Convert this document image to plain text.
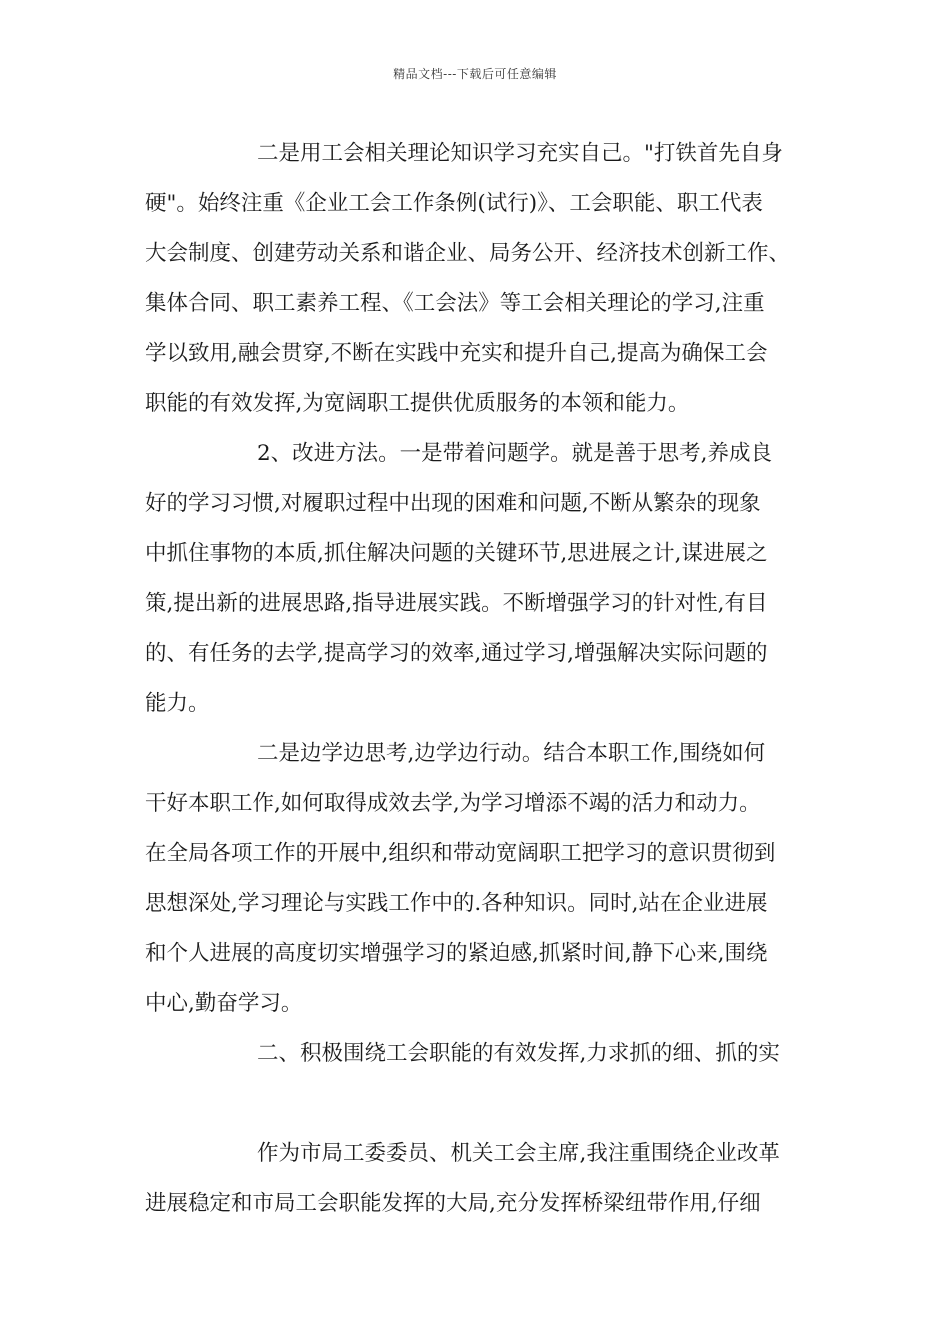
精品文档---下载后可任意编辑
二是用工会相关理论知识学习充实自己。"打铁首先自身
硬"。始终注重《企业工会工作条例(试行)》、工会职能、职工代表
大会制度、创建劳动关系和谐企业、局务公开、经济技术创新工作、
集体合同、职工素养工程、《工会法》等工会相关理论的学习,注重
学以致用,融会贯穿,不断在实践中充实和提升自己,提高为确保工会
职能的有效发挥,为宽阔职工提供优质服务的本领和能力。
2、改进方法。一是带着问题学。就是善于思考,养成良
好的学习习惯,对履职过程中出现的困难和问题,不断从繁杂的现象
中抓住事物的本质,抓住解决问题的关键环节,思进展之计,谋进展之
策,提出新的进展思路,指导进展实践。不断增强学习的针对性,有目
的、有任务的去学,提高学习的效率,通过学习,增强解决实际问题的
能力。
二是边学边思考,边学边行动。结合本职工作,围绕如何
干好本职工作,如何取得成效去学,为学习增添不竭的活力和动力。
在全局各项工作的开展中,组织和带动宽阔职工把学习的意识贯彻到
思想深处,学习理论与实践工作中的.各种知识。同时,站在企业进展
和个人进展的高度切实增强学习的紧迫感,抓紧时间,静下心来,围绕
中心,勤奋学习。
二、积极围绕工会职能的有效发挥,力求抓的细、抓的实
作为市局工委委员、机关工会主席,我注重围绕企业改革
进展稳定和市局工会职能发挥的大局,充分发挥桥梁纽带作用,仔细
